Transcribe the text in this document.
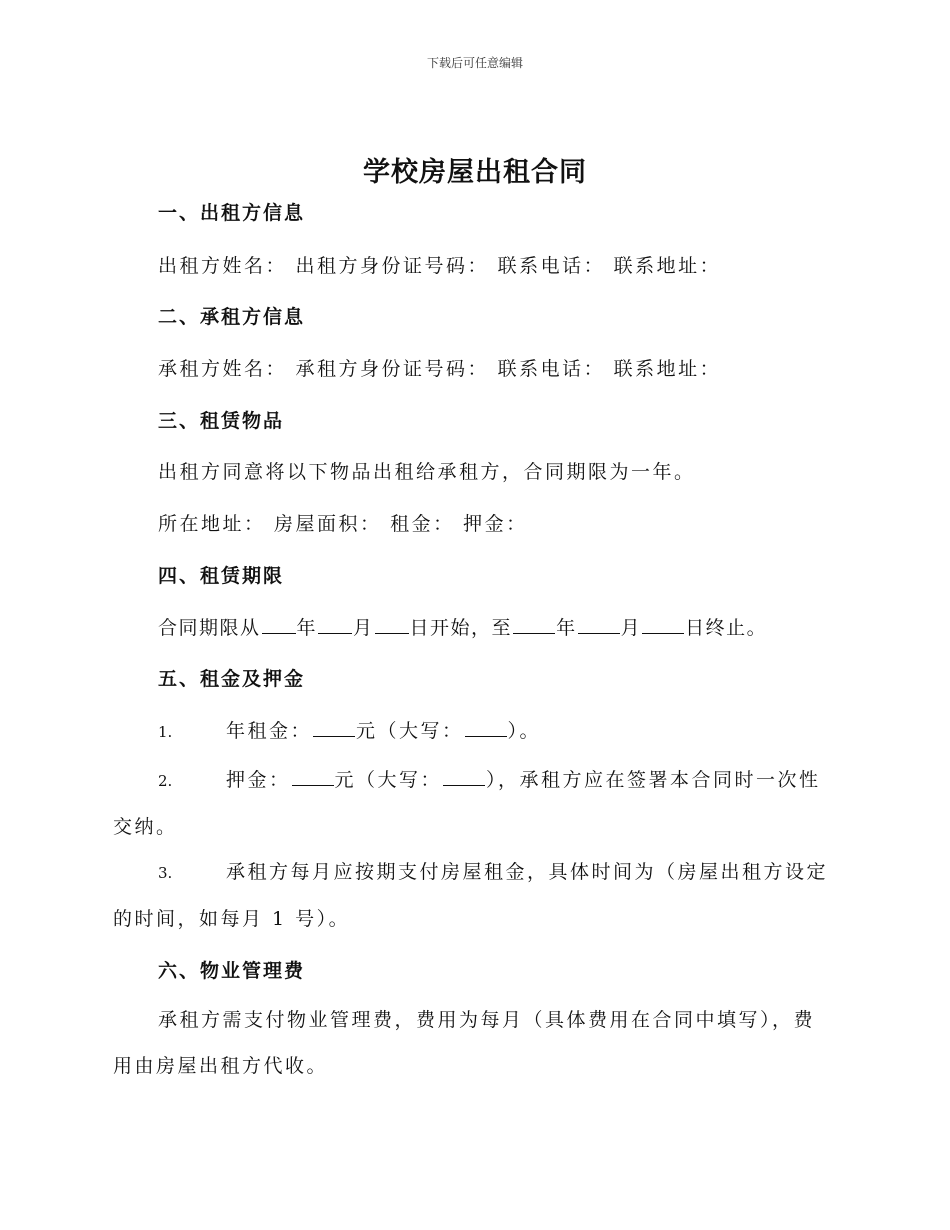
下载后可任意编辑
学校房屋出租合同
一、出租方信息
出租方姓名： 出租方身份证号码： 联系电话： 联系地址：
二、承租方信息
承租方姓名： 承租方身份证号码： 联系电话： 联系地址：
三、租赁物品
出租方同意将以下物品出租给承租方，合同期限为一年。
所在地址： 房屋面积： 租金： 押金：
四、租赁期限
合同期限从 年 月 日开始，至 年 月 日终止。
五、租金及押金
1.	年租金： 元（大写： ）。
2.	押金： 元（大写： ），承租方应在签署本合同时一次性交纳。
3.	承租方每月应按期支付房屋租金，具体时间为（房屋出租方设定的时间，如每月 1 号）。
六、物业管理费
承租方需支付物业管理费，费用为每月（具体费用在合同中填写），费用由房屋出租方代收。
